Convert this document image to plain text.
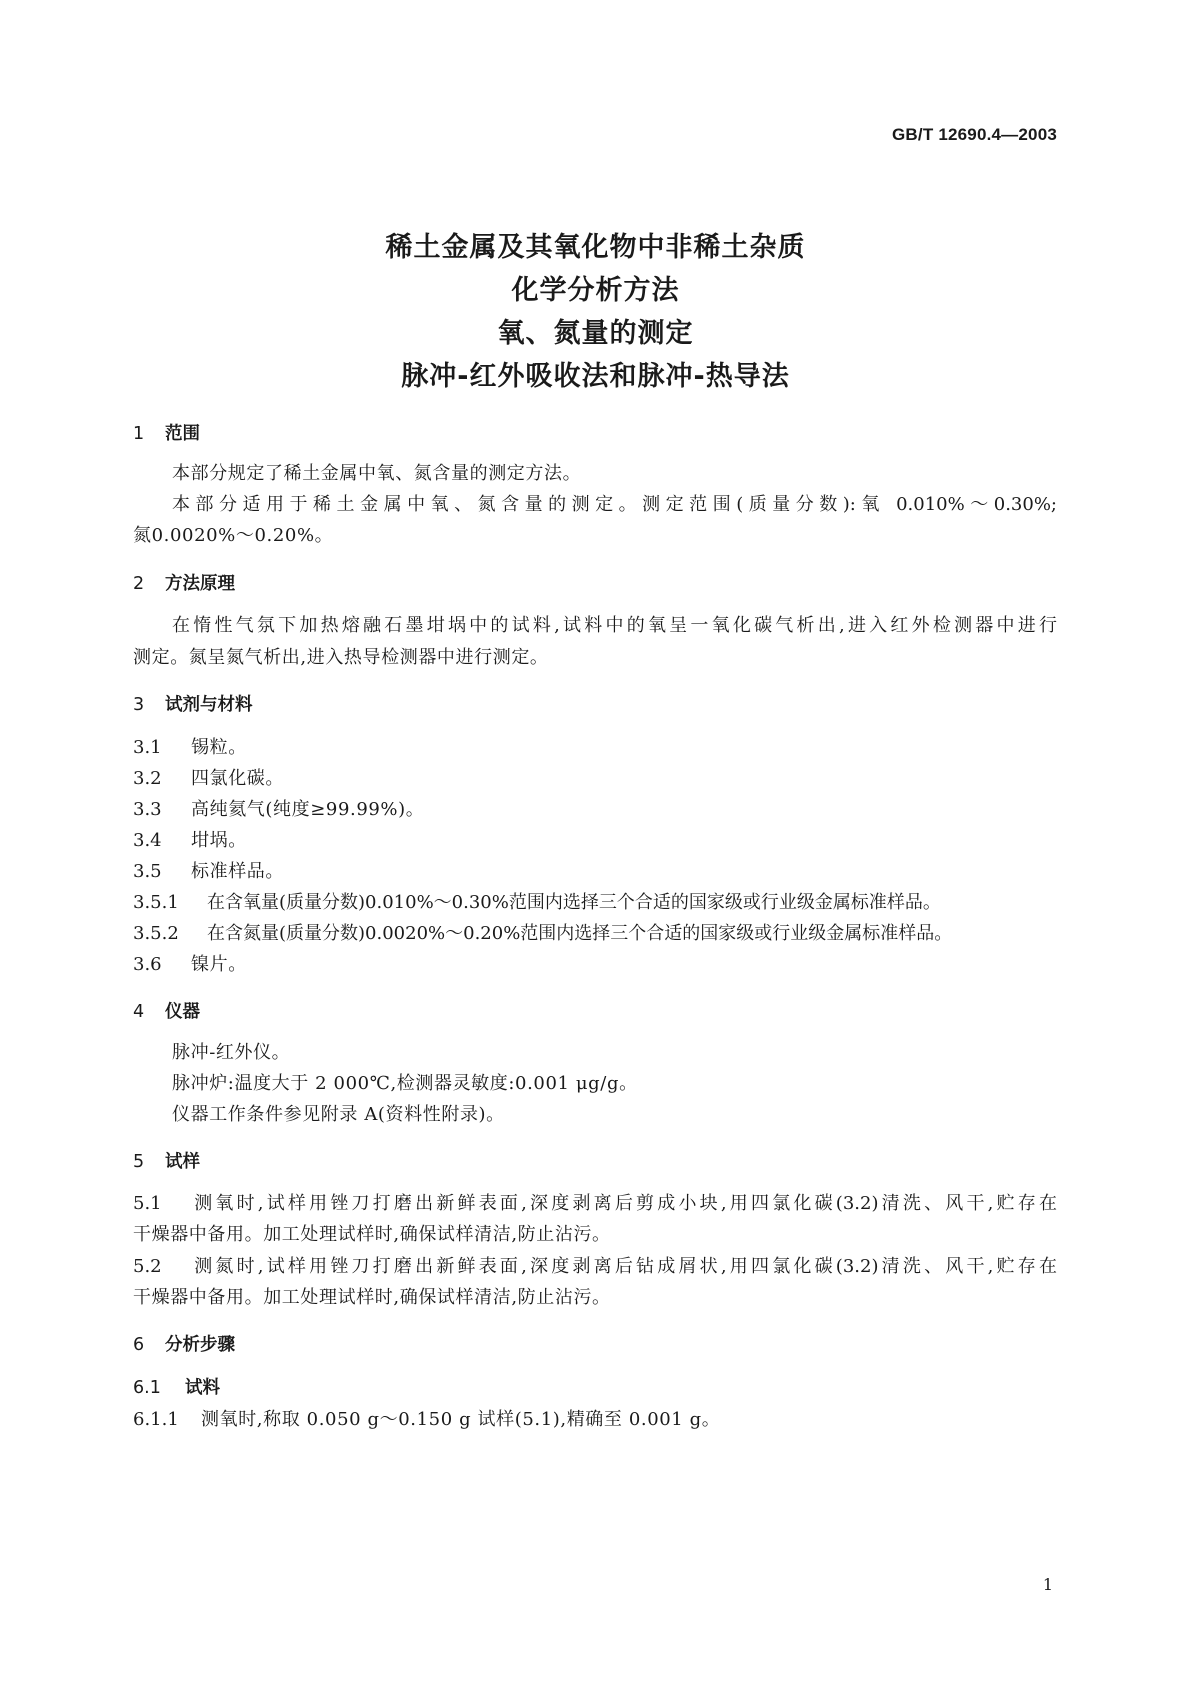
GB/T 12690.4—2003
稀土金属及其氧化物中非稀土杂质
化学分析方法
氧、氮量的测定
脉冲-红外吸收法和脉冲-热导法
1 范围
本部分规定了稀土金属中氧、氮含量的测定方法。
本部分适用于稀土金属中氧、氮含量的测定。测定范围(质量分数):氧 0.010%～0.30%;
氮0.0020%～0.20%。
2 方法原理
在惰性气氛下加热熔融石墨坩埚中的试料,试料中的氧呈一氧化碳气析出,进入红外检测器中进行
测定。氮呈氮气析出,进入热导检测器中进行测定。
3 试剂与材料
3.1 锡粒。
3.2 四氯化碳。
3.3 高纯氦气(纯度≥99.99%)。
3.4 坩埚。
3.5 标准样品。
3.5.1 在含氧量(质量分数)0.010%～0.30%范围内选择三个合适的国家级或行业级金属标准样品。
3.5.2 在含氮量(质量分数)0.0020%～0.20%范围内选择三个合适的国家级或行业级金属标准样品。
3.6 镍片。
4 仪器
脉冲-红外仪。
脉冲炉:温度大于 2 000℃,检测器灵敏度:0.001 μg/g。
仪器工作条件参见附录 A(资料性附录)。
5 试样
5.1 测氧时,试样用锉刀打磨出新鲜表面,深度剥离后剪成小块,用四氯化碳(3.2)清洗、风干,贮存在
干燥器中备用。加工处理试样时,确保试样清洁,防止沾污。
5.2 测氮时,试样用锉刀打磨出新鲜表面,深度剥离后钻成屑状,用四氯化碳(3.2)清洗、风干,贮存在
干燥器中备用。加工处理试样时,确保试样清洁,防止沾污。
6 分析步骤
6.1 试料
6.1.1 测氧时,称取 0.050 g～0.150 g 试样(5.1),精确至 0.001 g。
1
